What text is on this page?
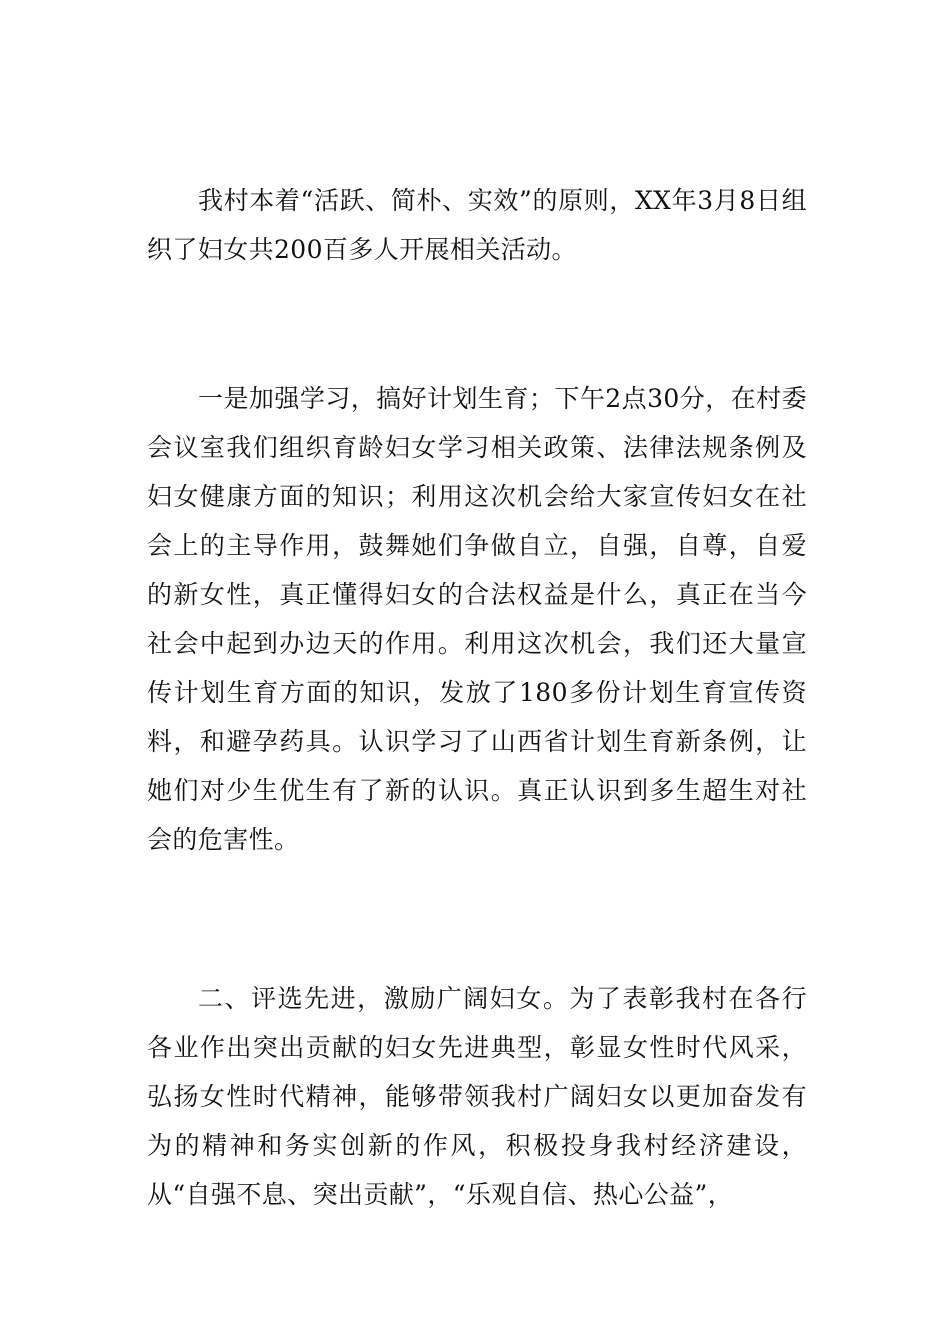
我村本着“活跃、简朴、实效”的原则，XX年3月8日组织了妇女共200百多人开展相关活动。

一是加强学习，搞好计划生育；下午2点30分，在村委会议室我们组织育龄妇女学习相关政策、法律法规条例及妇女健康方面的知识；利用这次机会给大家宣传妇女在社会上的主导作用，鼓舞她们争做自立，自强，自尊，自爱的新女性，真正懂得妇女的合法权益是什么，真正在当今社会中起到办边天的作用。利用这次机会，我们还大量宣传计划生育方面的知识，发放了180多份计划生育宣传资料，和避孕药具。认识学习了山西省计划生育新条例，让她们对少生优生有了新的认识。真正认识到多生超生对社会的危害性。

二、评选先进，激励广阔妇女。为了表彰我村在各行各业作出突出贡献的妇女先进典型，彰显女性时代风采，弘扬女性时代精神，能够带领我村广阔妇女以更加奋发有为的精神和务实创新的作风，积极投身我村经济建设，从“自强不息、突出贡献”，“乐观自信、热心公益”，
